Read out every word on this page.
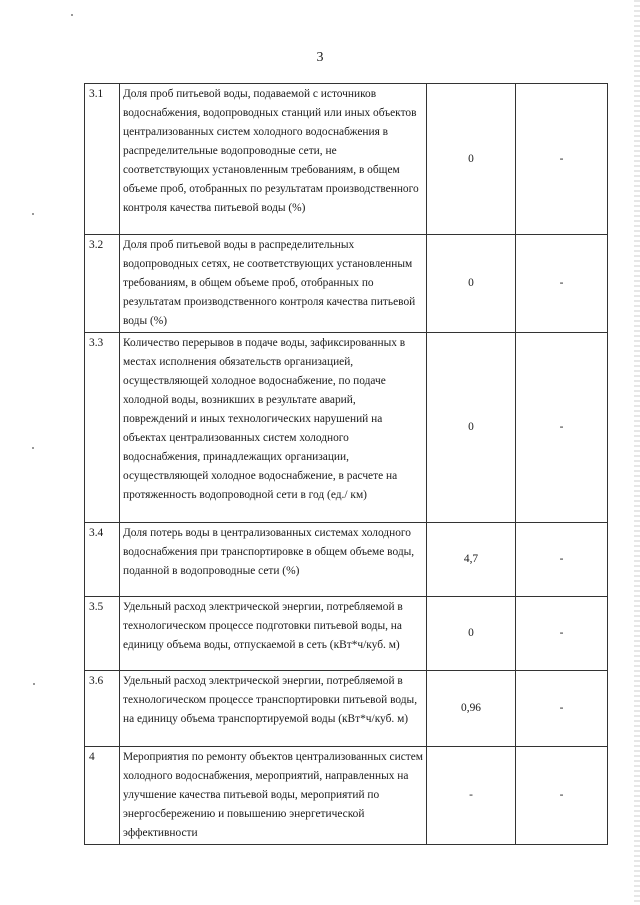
3
3.1	Доля проб питьевой воды, подаваемой с источников водоснабжения, водопроводных станций или иных объектов централизованных систем холодного водоснабжения в распределительные водопроводные сети, не соответствующих установленным требованиям, в общем объеме проб, отобранных по результатам производственного контроля качества питьевой воды (%)	0	-
3.2	Доля проб питьевой воды в распределительных водопроводных сетях, не соответствующих установленным требованиям, в общем объеме проб, отобранных по результатам производственного контроля качества питьевой воды (%)	0	-
3.3	Количество перерывов в подаче воды, зафиксированных в местах исполнения обязательств организацией, осуществляющей холодное водоснабжение, по подаче холодной воды, возникших в результате аварий, повреждений и иных технологических нарушений на объектах централизованных систем холодного водоснабжения, принадлежащих организации, осуществляющей холодное водоснабжение, в расчете на протяженность водопроводной сети в год (ед./ км)	0	-
3.4	Доля потерь воды в централизованных системах холодного водоснабжения при транспортировке в общем объеме воды, поданной в водопроводные сети (%)	4,7	-
3.5	Удельный расход электрической энергии, потребляемой в технологическом процессе подготовки питьевой воды, на единицу объема воды, отпускаемой в сеть (кВт*ч/куб. м)	0	-
3.6	Удельный расход электрической энергии, потребляемой в технологическом процессе транспортировки питьевой воды, на единицу объема транспортируемой воды (кВт*ч/куб. м)	0,96	-
4	Мероприятия по ремонту объектов централизованных систем холодного водоснабжения, мероприятий, направленных на улучшение качества питьевой воды, мероприятий по энергосбережению и повышению энергетической эффективности	-	-
